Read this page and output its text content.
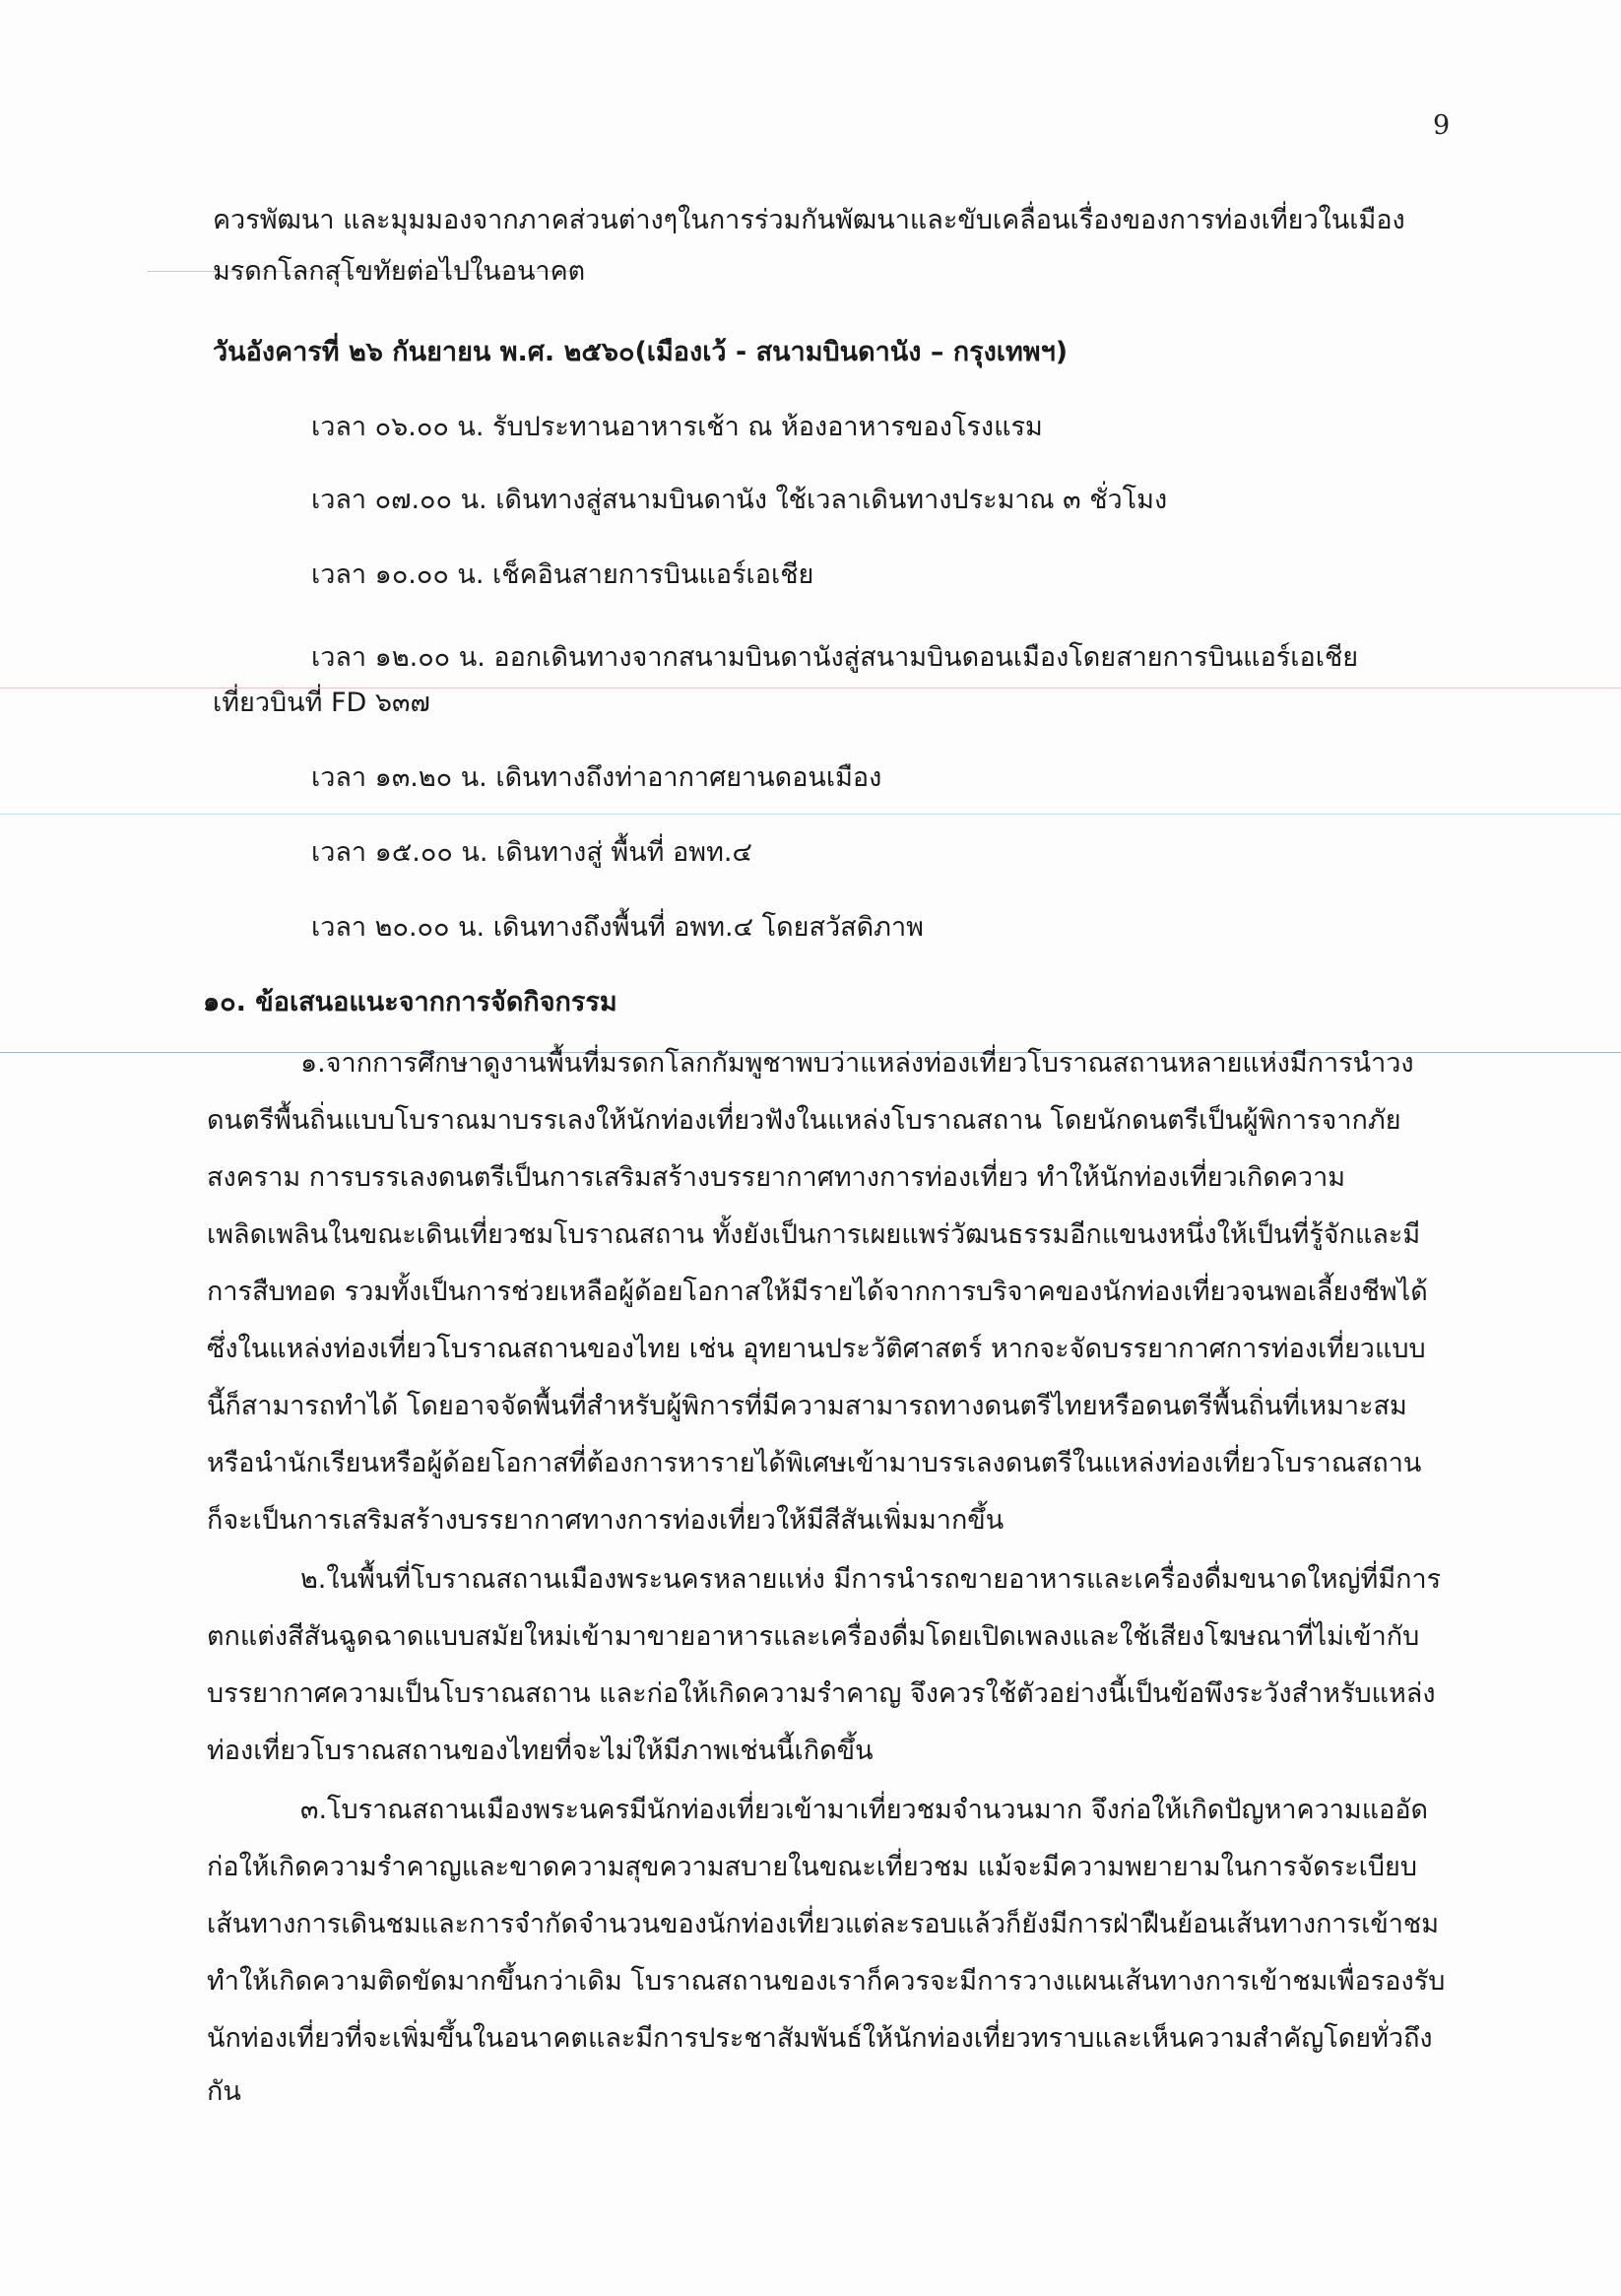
9
ควรพัฒนา และมุมมองจากภาคส่วนต่างๆในการร่วมกันพัฒนาและขับเคลื่อนเรื่องของการท่องเที่ยวในเมือง
มรดกโลกสุโขทัยต่อไปในอนาคต
วันอังคารที่ ๒๖ กันยายน พ.ศ. ๒๕๖๐(เมืองเว้ - สนามบินดานัง – กรุงเทพฯ)
เวลา ๐๖.๐๐ น. รับประทานอาหารเช้า ณ ห้องอาหารของโรงแรม
เวลา ๐๗.๐๐ น. เดินทางสู่สนามบินดานัง ใช้เวลาเดินทางประมาณ ๓ ชั่วโมง
เวลา ๑๐.๐๐ น. เช็คอินสายการบินแอร์เอเชีย
เวลา ๑๒.๐๐ น. ออกเดินทางจากสนามบินดานังสู่สนามบินดอนเมืองโดยสายการบินแอร์เอเชีย
เที่ยวบินที่ FD ๖๓๗
เวลา ๑๓.๒๐ น. เดินทางถึงท่าอากาศยานดอนเมือง
เวลา ๑๕.๐๐ น. เดินทางสู่ พื้นที่ อพท.๔
เวลา ๒๐.๐๐ น. เดินทางถึงพื้นที่ อพท.๔ โดยสวัสดิภาพ
๑๐. ข้อเสนอแนะจากการจัดกิจกรรม
๑.จากการศึกษาดูงานพื้นที่มรดกโลกกัมพูชาพบว่าแหล่งท่องเที่ยวโบราณสถานหลายแห่งมีการนำวง
ดนตรีพื้นถิ่นแบบโบราณมาบรรเลงให้นักท่องเที่ยวฟังในแหล่งโบราณสถาน โดยนักดนตรีเป็นผู้พิการจากภัย
สงคราม การบรรเลงดนตรีเป็นการเสริมสร้างบรรยากาศทางการท่องเที่ยว ทำให้นักท่องเที่ยวเกิดความ
เพลิดเพลินในขณะเดินเที่ยวชมโบราณสถาน ทั้งยังเป็นการเผยแพร่วัฒนธรรมอีกแขนงหนึ่งให้เป็นที่รู้จักและมี
การสืบทอด รวมทั้งเป็นการช่วยเหลือผู้ด้อยโอกาสให้มีรายได้จากการบริจาคของนักท่องเที่ยวจนพอเลี้ยงชีพได้
ซึ่งในแหล่งท่องเที่ยวโบราณสถานของไทย เช่น อุทยานประวัติศาสตร์ หากจะจัดบรรยากาศการท่องเที่ยวแบบ
นี้ก็สามารถทำได้ โดยอาจจัดพื้นที่สำหรับผู้พิการที่มีความสามารถทางดนตรีไทยหรือดนตรีพื้นถิ่นที่เหมาะสม
หรือนำนักเรียนหรือผู้ด้อยโอกาสที่ต้องการหารายได้พิเศษเข้ามาบรรเลงดนตรีในแหล่งท่องเที่ยวโบราณสถาน
ก็จะเป็นการเสริมสร้างบรรยากาศทางการท่องเที่ยวให้มีสีสันเพิ่มมากขึ้น
๒.ในพื้นที่โบราณสถานเมืองพระนครหลายแห่ง มีการนำรถขายอาหารและเครื่องดื่มขนาดใหญ่ที่มีการ
ตกแต่งสีสันฉูดฉาดแบบสมัยใหม่เข้ามาขายอาหารและเครื่องดื่มโดยเปิดเพลงและใช้เสียงโฆษณาที่ไม่เข้ากับ
บรรยากาศความเป็นโบราณสถาน และก่อให้เกิดความรำคาญ จึงควรใช้ตัวอย่างนี้เป็นข้อพึงระวังสำหรับแหล่ง
ท่องเที่ยวโบราณสถานของไทยที่จะไม่ให้มีภาพเช่นนี้เกิดขึ้น
๓.โบราณสถานเมืองพระนครมีนักท่องเที่ยวเข้ามาเที่ยวชมจำนวนมาก จึงก่อให้เกิดปัญหาความแออัด
ก่อให้เกิดความรำคาญและขาดความสุขความสบายในขณะเที่ยวชม แม้จะมีความพยายามในการจัดระเบียบ
เส้นทางการเดินชมและการจำกัดจำนวนของนักท่องเที่ยวแต่ละรอบแล้วก็ยังมีการฝ่าฝืนย้อนเส้นทางการเข้าชม
ทำให้เกิดความติดขัดมากขึ้นกว่าเดิม โบราณสถานของเราก็ควรจะมีการวางแผนเส้นทางการเข้าชมเพื่อรองรับ
นักท่องเที่ยวที่จะเพิ่มขึ้นในอนาคตและมีการประชาสัมพันธ์ให้นักท่องเที่ยวทราบและเห็นความสำคัญโดยทั่วถึง
กัน
